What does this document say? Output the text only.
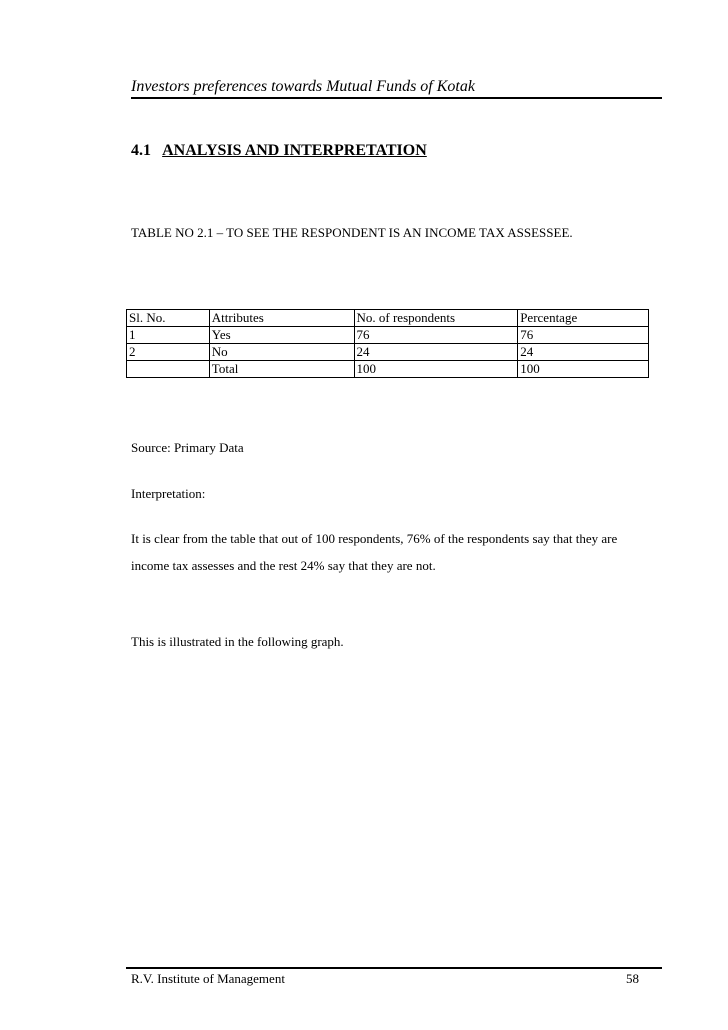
Investors preferences towards Mutual Funds of Kotak
4.1 ANALYSIS AND INTERPRETATION
TABLE NO 2.1 – TO SEE THE RESPONDENT IS AN INCOME TAX ASSESSEE.
Sl. No.	Attributes	No. of respondents	Percentage
1	Yes	76	76
2	No	24	24
	Total	100	100
Source: Primary Data
Interpretation:
It is clear from the table that out of 100 respondents, 76% of the respondents say that they are income tax assesses and the rest 24% say that they are not.
This is illustrated in the following graph.
R.V. Institute of Management	58
